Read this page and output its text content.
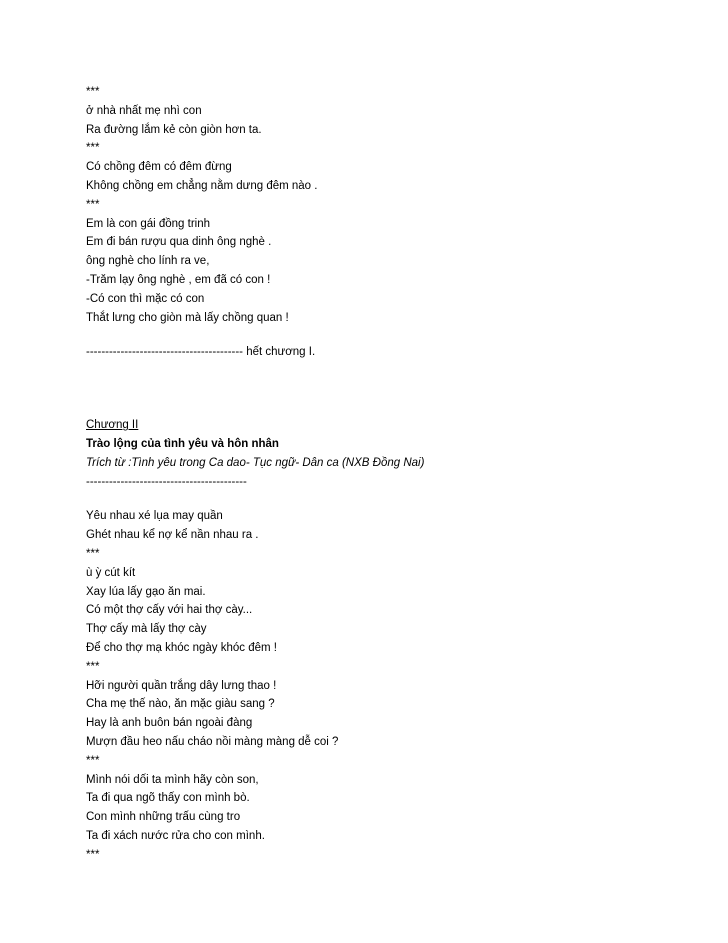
***
ở nhà nhất mẹ nhì con
Ra đường lắm kẻ còn giòn hơn ta.
***
Có chồng đêm có đêm đừng
Không chồng em chẳng nằm dưng đêm nào .
***
Em là con gái đồng trinh
Em đi bán rượu qua dinh ông nghè .
ông nghè cho lính ra ve,
-Trăm lạy ông nghè , em đã có con !
-Có con thì mặc có con
Thắt lưng cho giòn mà lấy chồng quan !
----------------------------------------- hết chương I.
Chương II
Trào lộng của tình yêu và hôn nhân
Trích từ :Tình yêu trong Ca dao- Tục ngữ- Dân ca (NXB Đồng Nai)
------------------------------------------
Yêu nhau xé lụa may quần
Ghét nhau kể nợ kể nần nhau ra .
***
ù ỳ cút kít
Xay lúa lấy gạo ăn mai.
Có một thợ cấy với hai thợ cày...
Thợ cấy mà lấy thợ cày
Để cho thợ mạ khóc ngày khóc đêm !
***
Hỡi người quần trắng dây lưng thao !
Cha mẹ thế nào, ăn mặc giàu sang ?
Hay là anh buôn bán ngoài đàng
Mượn đầu heo nấu cháo nồi màng màng dễ coi ?
***
Mình nói dối ta mình hãy còn son,
Ta đi qua ngõ thấy con mình bò.
Con mình những trấu cùng tro
Ta đi xách nước rửa cho con mình.
***
